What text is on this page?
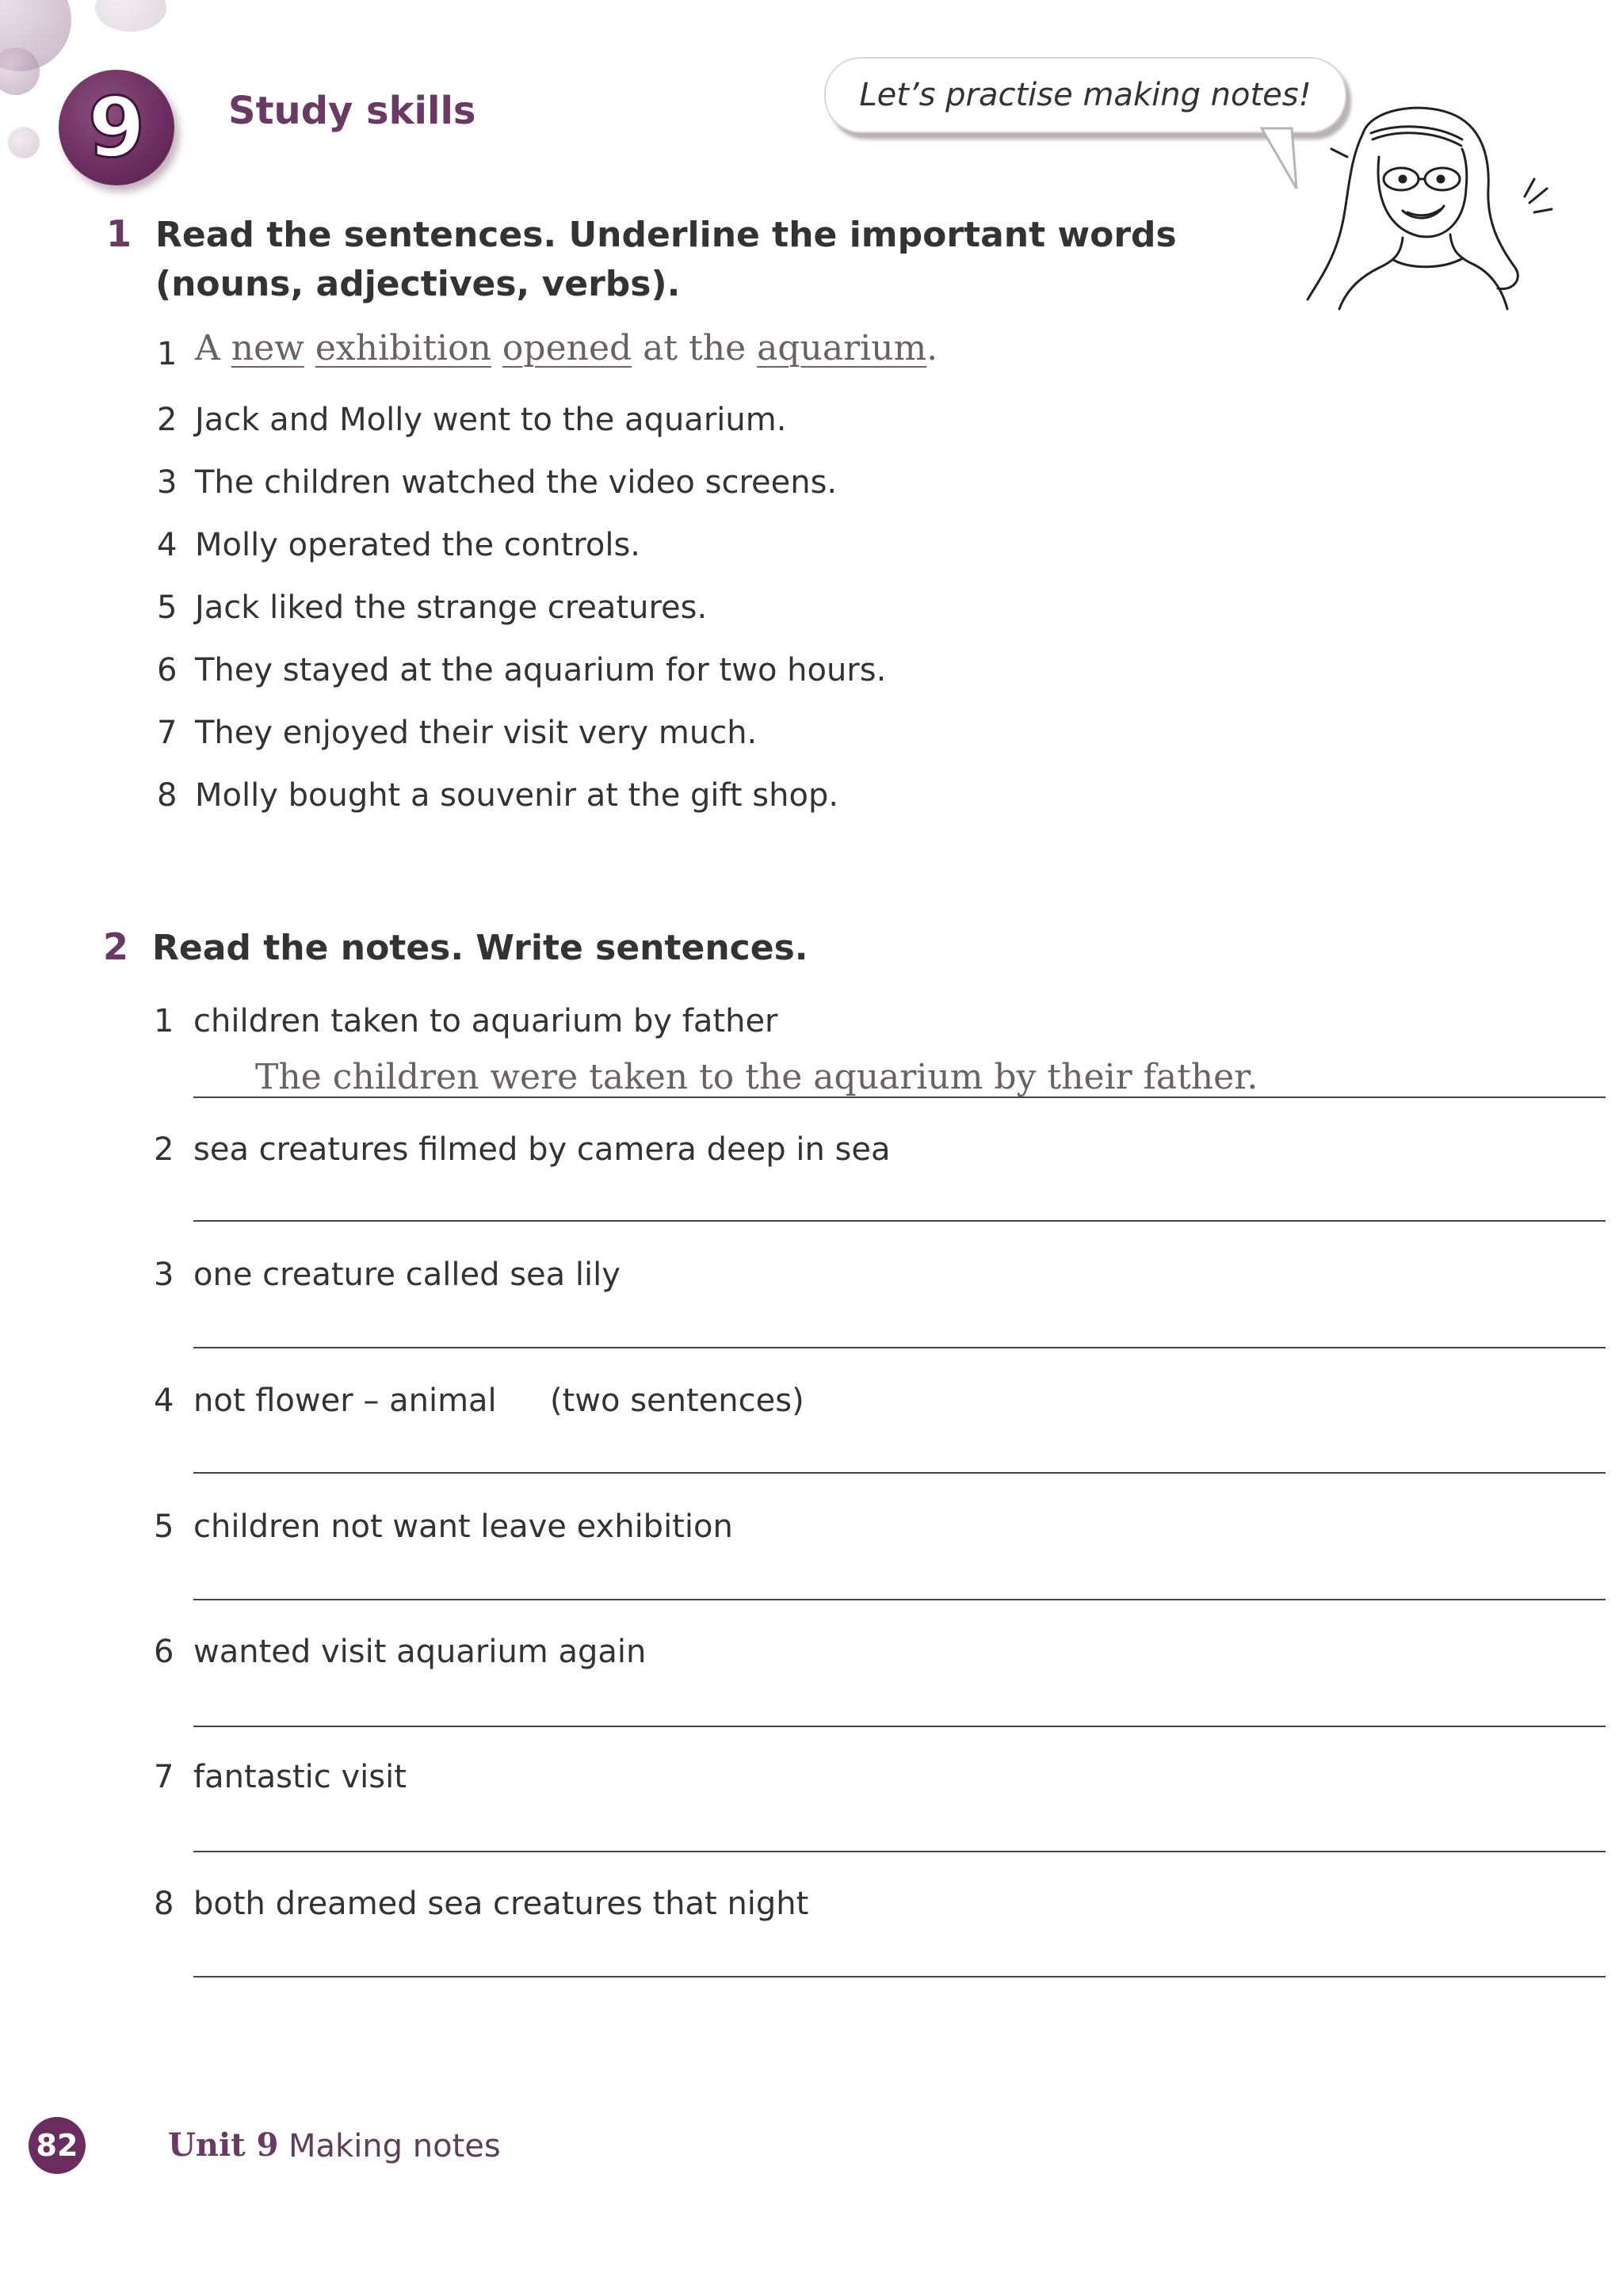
9 Study skills	Let’s practise making notes!
1 Read the sentences. Underline the important words
(nouns, adjectives, verbs).
1 A new exhibition opened at the aquarium.
2 Jack and Molly went to the aquarium.
3 The children watched the video screens.
4 Molly operated the controls.
5 Jack liked the strange creatures.
6 They stayed at the aquarium for two hours.
7 They enjoyed their visit very much.
8 Molly bought a souvenir at the gift shop.
2 Read the notes. Write sentences.
1 children taken to aquarium by father
The children were taken to the aquarium by their father.
2 sea creatures filmed by camera deep in sea
3 one creature called sea lily
4 not flower – animal (two sentences)
5 children not want leave exhibition
6 wanted visit aquarium again
7 fantastic visit
8 both dreamed sea creatures that night
82	Unit 9 Making notes
